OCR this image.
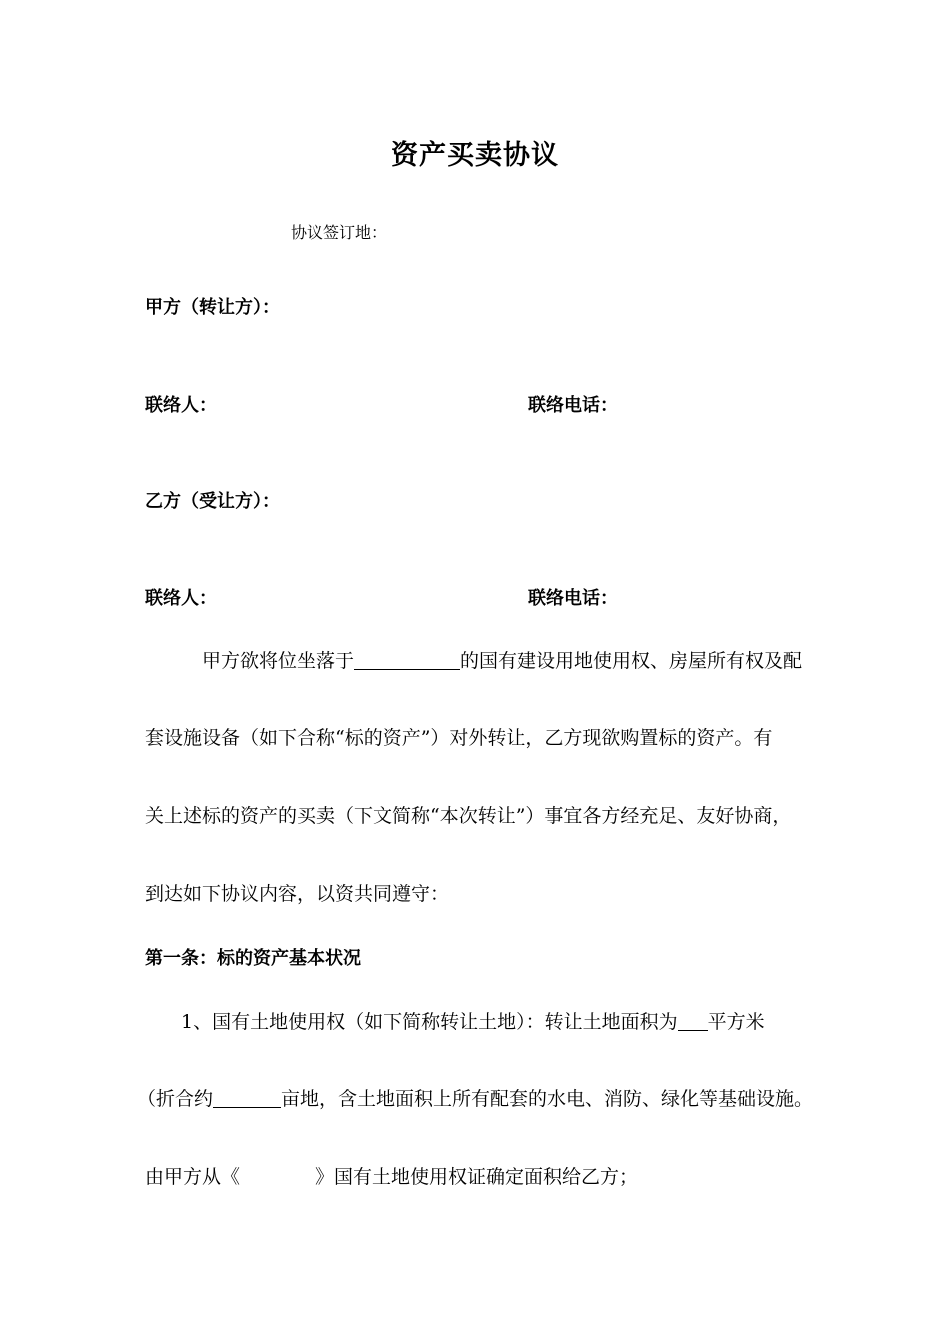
资产买卖协议
协议签订地：
甲方（转让方）：
联络人：	联络电话：
乙方（受让方）：
联络人：	联络电话：
甲方欲将位坐落于	的国有建设用地使用权、房屋所有权及配
套设施设备（如下合称“标的资产”）对外转让，乙方现欲购置标的资产。有
关上述标的资产的买卖（下文简称“本次转让”）事宜各方经充足、友好协商，
到达如下协议内容，以资共同遵守：
第一条：标的资产基本状况
1、国有土地使用权（如下简称转让土地）：转让土地面积为 平方米
（折合约	亩地，含土地面积上所有配套的水电、消防、绿化等基础设施。
由甲方从《	》国有土地使用权证确定面积给乙方；
